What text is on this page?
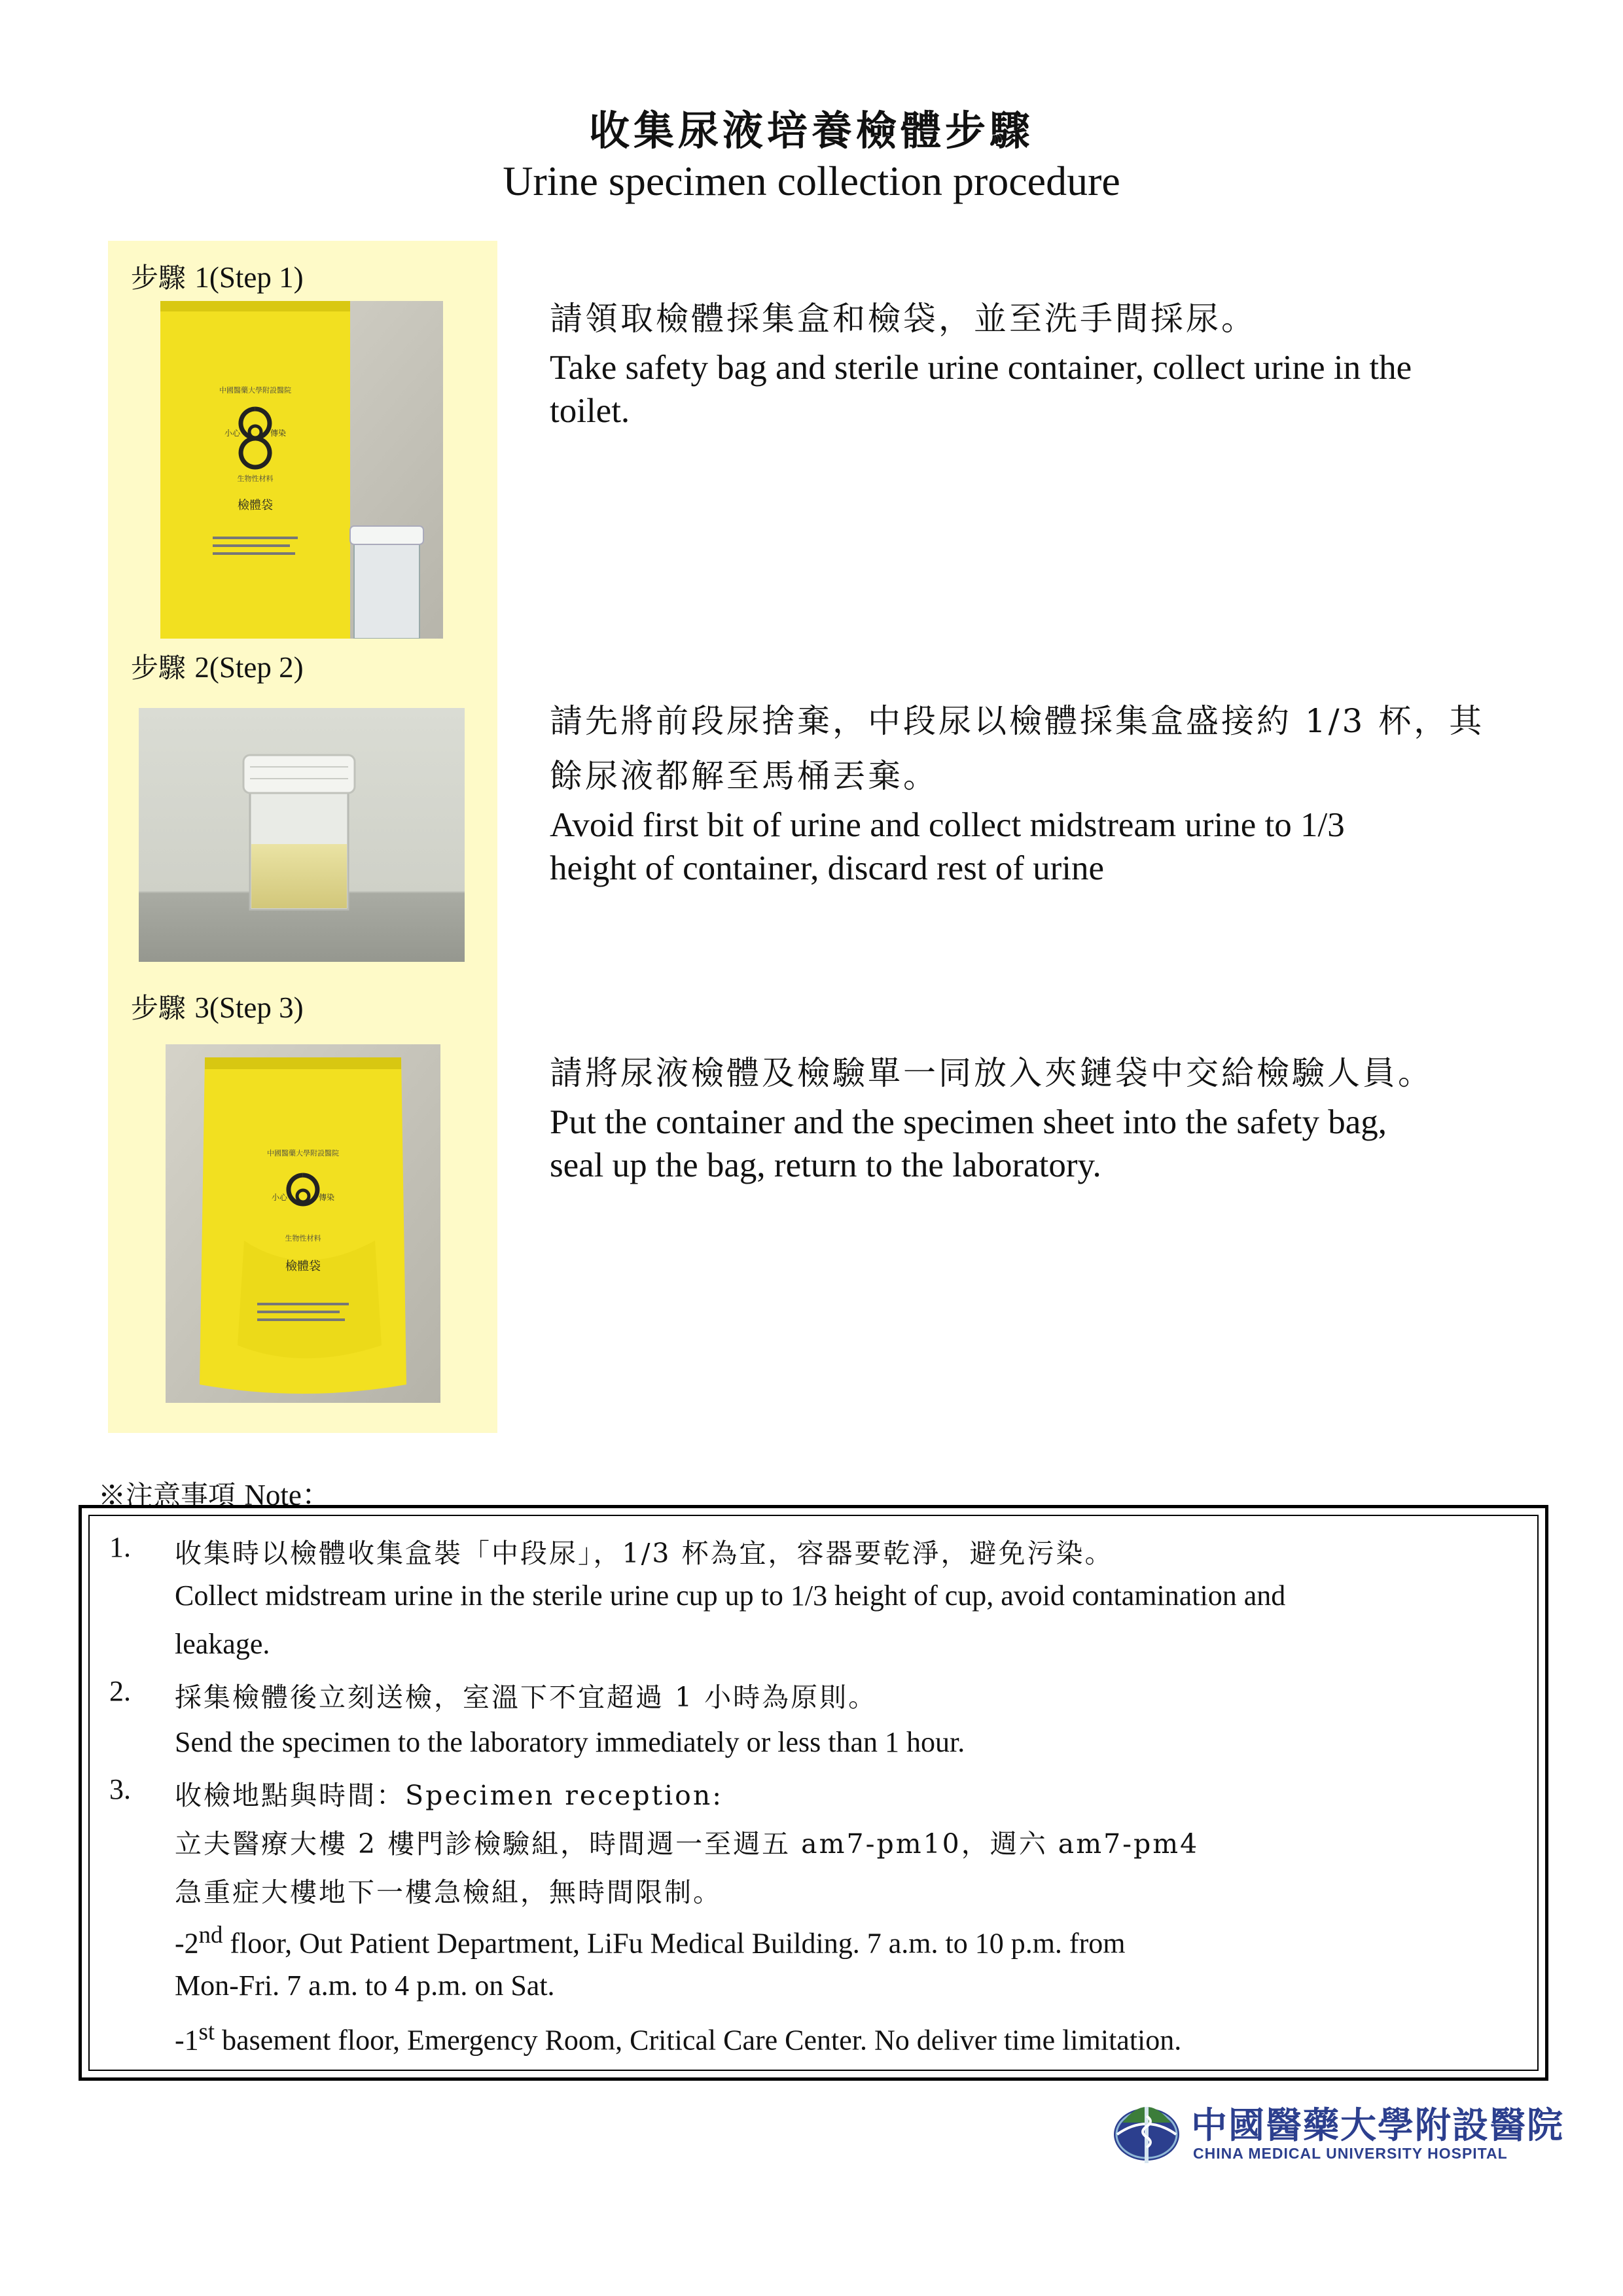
收集尿液培養檢體步驟
Urine specimen collection procedure
步驟 1(Step 1)
中國醫藥大學附設醫院
小心	傳染
生物性材料
檢體袋
請領取檢體採集盒和檢袋，並至洗手間採尿。
Take safety bag and sterile urine container, collect urine in the
toilet.
步驟 2(Step 2)
請先將前段尿捨棄，中段尿以檢體採集盒盛接約 1/3 杯，其
餘尿液都解至馬桶丟棄。
Avoid first bit of urine and collect midstream urine to 1/3
height of container, discard rest of urine
步驟 3(Step 3)
中國醫藥大學附設醫院
小心	傳染
生物性材料
檢體袋
請將尿液檢體及檢驗單一同放入夾鏈袋中交給檢驗人員。
Put the container and the specimen sheet into the safety bag,
seal up the bag, return to the laboratory.
※注意事項 Note：
1. 收集時以檢體收集盒裝「中段尿」，1/3 杯為宜，容器要乾淨，避免污染。
Collect midstream urine in the sterile urine cup up to 1/3 height of cup, avoid contamination and
leakage.
2. 採集檢體後立刻送檢，室溫下不宜超過 1 小時為原則。
Send the specimen to the laboratory immediately or less than 1 hour.
3. 收檢地點與時間：Specimen reception:
立夫醫療大樓 2 樓門診檢驗組，時間週一至週五 am7-pm10，週六 am7-pm4
急重症大樓地下一樓急檢組，無時間限制。
-2nd floor, Out Patient Department, LiFu Medical Building. 7 a.m. to 10 p.m. from
Mon-Fri. 7 a.m. to 4 p.m. on Sat.
-1st basement floor, Emergency Room, Critical Care Center. No deliver time limitation.
中國醫藥大學附設醫院
CHINA MEDICAL UNIVERSITY HOSPITAL
